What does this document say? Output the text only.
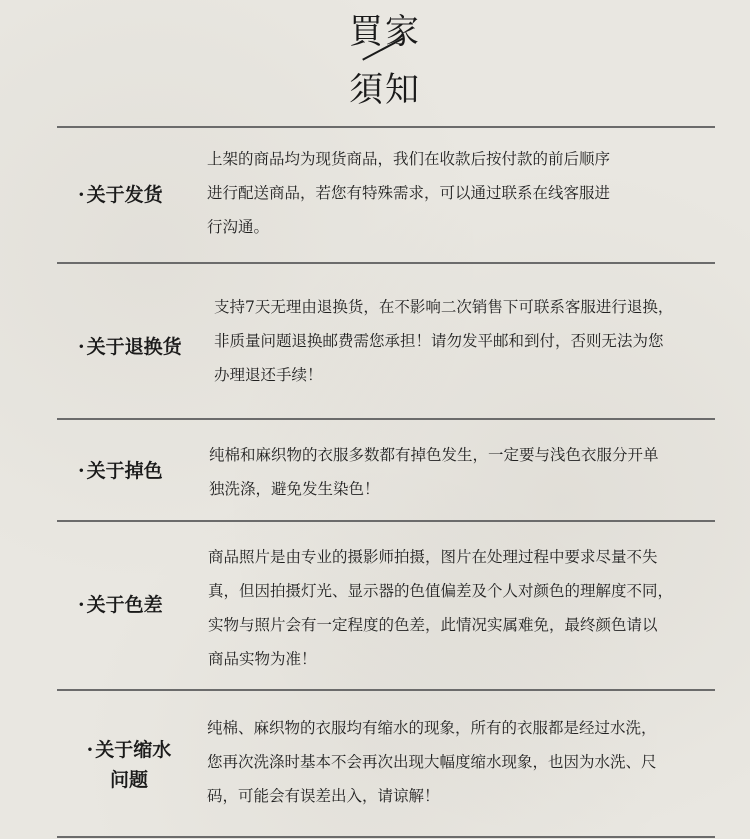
買家
須知
· 关于发货

上架的商品均为现货商品，我们在收款后按付款的前后顺序

进行配送商品，若您有特殊需求，可以通过联系在线客服进

行沟通。

· 关于退换货

支持7天无理由退换货，在不影响二次销售下可联系客服进行退换，

非质量问题退换邮费需您承担！请勿发平邮和到付，否则无法为您

办理退还手续！

· 关于掉色

纯棉和麻织物的衣服多数都有掉色发生，一定要与浅色衣服分开单

独洗涤，避免发生染色！

· 关于色差

商品照片是由专业的摄影师拍摄，图片在处理过程中要求尽量不失

真，但因拍摄灯光、显示器的色值偏差及个人对颜色的理解度不同，

实物与照片会有一定程度的色差，此情况实属难免，最终颜色请以

商品实物为准！

· 关于缩水
问题

纯棉、麻织物的衣服均有缩水的现象，所有的衣服都是经过水洗，

您再次洗涤时基本不会再次出现大幅度缩水现象，也因为水洗、尺

码，可能会有误差出入，请谅解！
